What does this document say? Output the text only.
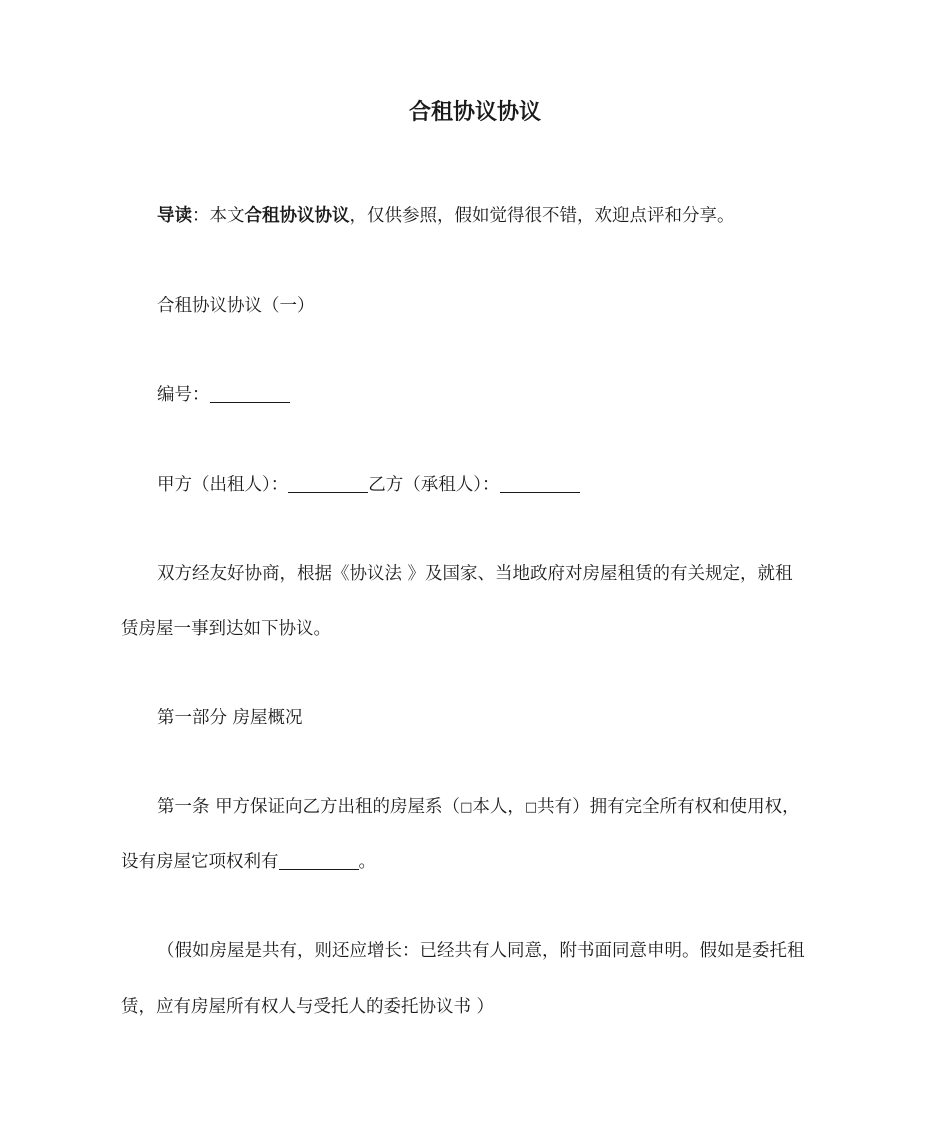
合租协议协议

导读：本文合租协议协议，仅供参照，假如觉得很不错，欢迎点评和分享。

合租协议协议（一）

编号：

甲方（出租人）：	乙方（承租人）：

双方经友好协商，根据《协议法 》及国家、当地政府对房屋租赁的有关规定，就租

赁房屋一事到达如下协议。

第一部分 房屋概况

第一条 甲方保证向乙方出租的房屋系（□本人，□共有）拥有完全所有权和使用权，

设有房屋它项权利有	。

（假如房屋是共有，则还应增长：已经共有人同意，附书面同意申明。假如是委托租

赁，应有房屋所有权人与受托人的委托协议书 ）
